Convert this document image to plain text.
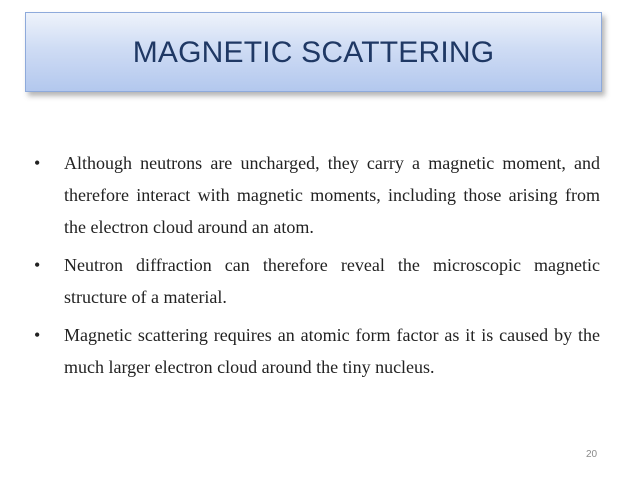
MAGNETIC SCATTERING
• Although neutrons are uncharged, they carry a magnetic moment, and therefore interact with magnetic moments, including those arising from the electron cloud around an atom.
• Neutron diffraction can therefore reveal the microscopic magnetic structure of a material.
• Magnetic scattering requires an atomic form factor as it is caused by the much larger electron cloud around the tiny nucleus.
20
